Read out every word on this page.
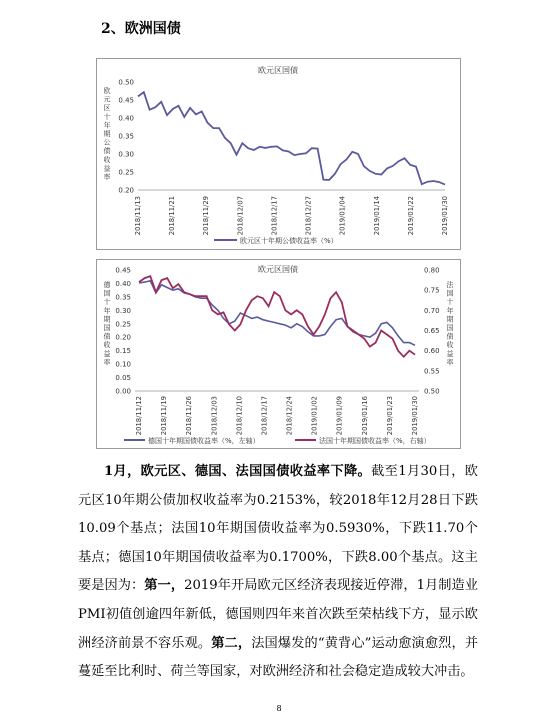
2、欧洲国债
欧元区国债
0.50
0.45
0.40
0.35
0.30
0.25
0.20
欧元区十年期公债收益率
2018/11/13	2018/11/21	2018/11/29	2018/12/07	2018/12/17	2018/12/27	2019/01/04	2019/01/14	2019/01/22	2019/01/30
欧元区十年期公债收益率（%）
欧元区国债
0.45
0.40
0.35
0.30
0.25
0.20
0.15
0.10
0.05
0.00
0.80
0.75
0.70
0.65
0.60
0.55
0.50
德国十年期国债收益率
法国十年期国债收益率
2018/11/12	2018/11/19	2018/11/26	2018/12/03	2018/12/10	2018/12/17	2018/12/24	2019/01/02	2019/01/09	2019/01/16	2019/01/23	2019/01/30
德国十年期国债收益率（%，左轴）	法国十年期国债收益率（%，右轴）
1月，欧元区、德国、法国国债收益率下降。截至1月30日，欧元区10年期公债加权收益率为0.2153%，较2018年12月28日下跌10.09个基点；法国10年期国债收益率为0.5930%，下跌11.70个基点；德国10年期国债收益率为0.1700%，下跌8.00个基点。这主要是因为：第一，2019年开局欧元区经济表现接近停滞，1月制造业PMI初值创逾四年新低，德国则四年来首次跌至荣枯线下方，显示欧洲经济前景不容乐观。第二，法国爆发的“黄背心”运动愈演愈烈，并蔓延至比利时、荷兰等国家，对欧洲经济和社会稳定造成较大冲击。
8
